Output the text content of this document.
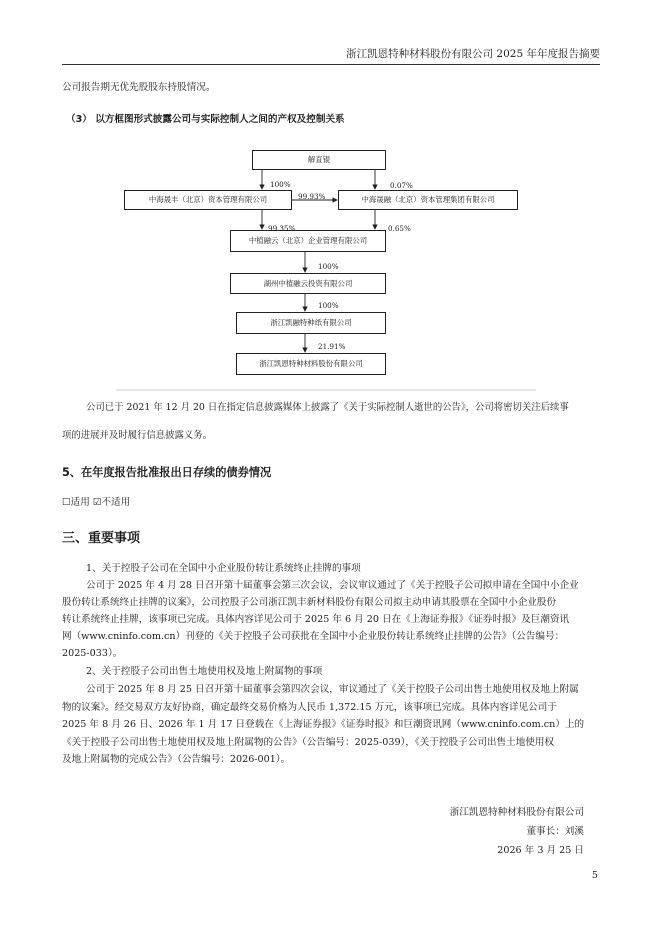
浙江凯恩特种材料股份有限公司 2025 年年度报告摘要
公司报告期无优先股股东持股情况。
（3） 以方框图形式披露公司与实际控制人之间的产权及控制关系
解直锟
中海晟丰（北京）资本管理有限公司	中海晟融（北京）资本管理集团有限公司
中植融云（北京）企业管理有限公司
湖州中植融云投资有限公司
浙江凯融特种纸有限公司
浙江凯恩特种材料股份有限公司
100%	0.07%
99.93%
99.35%	0.65%
100%
100%
21.91%
公司已于 2021 年 12 月 20 日在指定信息披露媒体上披露了《关于实际控制人逝世的公告》，公司将密切关注后续事
项的进展并及时履行信息披露义务。
5、在年度报告批准报出日存续的债券情况
☐适用 ☑不适用
三、重要事项
1、关于控股子公司在全国中小企业股份转让系统终止挂牌的事项
公司于 2025 年 4 月 28 日召开第十届董事会第三次会议，会议审议通过了《关于控股子公司拟申请在全国中小企业
股份转让系统终止挂牌的议案》，公司控股子公司浙江凯丰新材料股份有限公司拟主动申请其股票在全国中小企业股份
转让系统终止挂牌，该事项已完成。具体内容详见公司于 2025 年 6 月 20 日在《上海证券报》《证券时报》及巨潮资讯
网（www.cninfo.com.cn）刊登的《关于控股子公司获批在全国中小企业股份转让系统终止挂牌的公告》（公告编号：
2025-033）。
2、关于控股子公司出售土地使用权及地上附属物的事项
公司于 2025 年 8 月 25 日召开第十届董事会第四次会议，审议通过了《关于控股子公司出售土地使用权及地上附属
物的议案》。经交易双方友好协商，确定最终交易价格为人民币 1,372.15 万元，该事项已完成。具体内容详见公司于
2025 年 8 月 26 日、2026 年 1 月 17 日登载在《上海证券报》《证券时报》和巨潮资讯网（www.cninfo.com.cn）上的
《关于控股子公司出售土地使用权及地上附属物的公告》（公告编号：2025-039），《关于控股子公司出售土地使用权
及地上附属物的完成公告》（公告编号：2026-001）。
浙江凯恩特种材料股份有限公司
董事长：刘溪
2026 年 3 月 25 日
5
